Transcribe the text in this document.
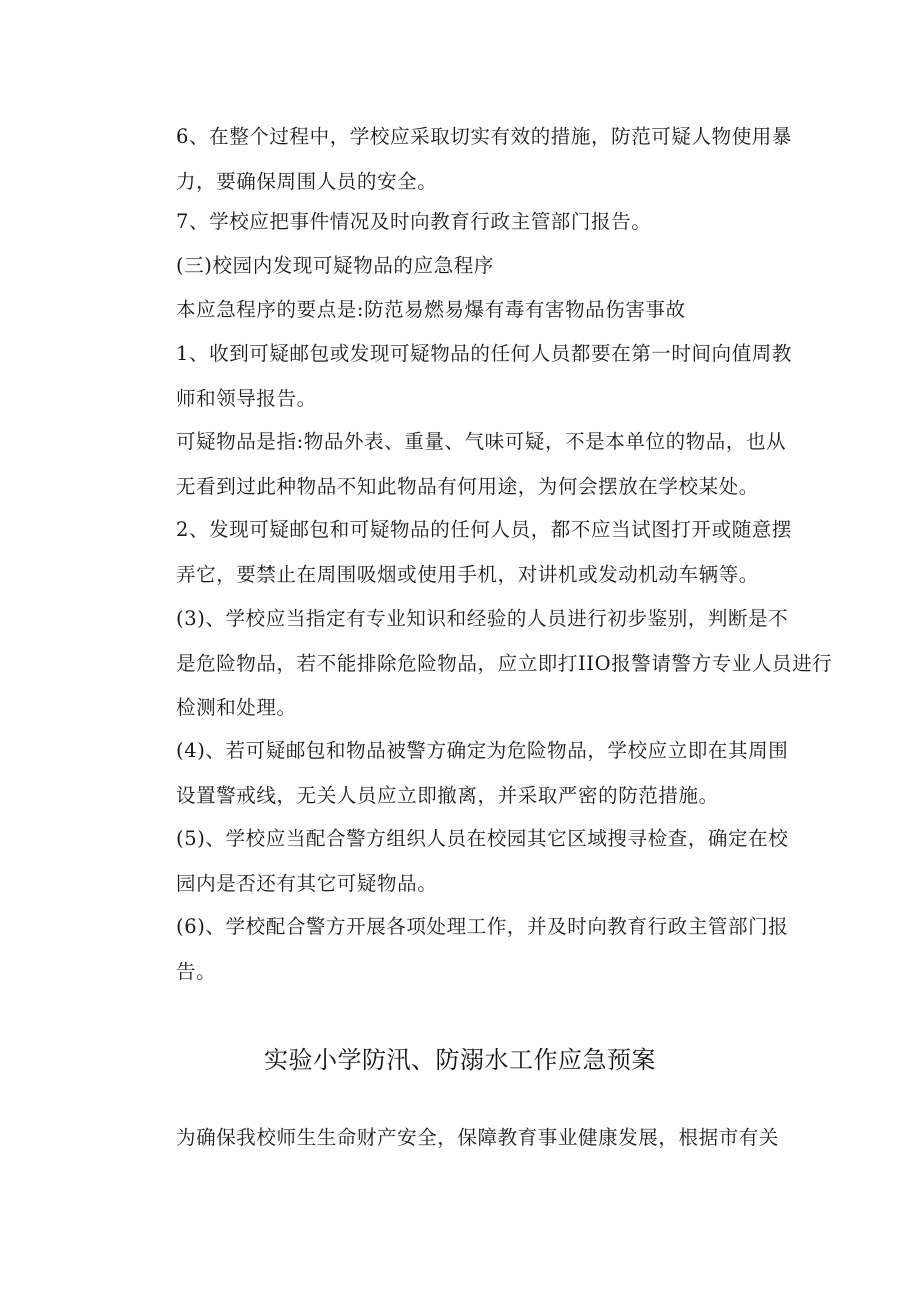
6、在整个过程中，学校应采取切实有效的措施，防范可疑人物使用暴
力，要确保周围人员的安全。

7、学校应把事件情况及时向教育行政主管部门报告。

(三)校园内发现可疑物品的应急程序

本应急程序的要点是:防范易燃易爆有毒有害物品伤害事故

1、收到可疑邮包或发现可疑物品的任何人员都要在第一时间向值周教
师和领导报告。

可疑物品是指:物品外表、重量、气味可疑，不是本单位的物品，也从
无看到过此种物品不知此物品有何用途，为何会摆放在学校某处。

2、发现可疑邮包和可疑物品的任何人员，都不应当试图打开或随意摆
弄它，要禁止在周围吸烟或使用手机，对讲机或发动机动车辆等。

(3)、学校应当指定有专业知识和经验的人员进行初步鉴别，判断是不
是危险物品，若不能排除危险物品，应立即打IIO报警请警方专业人员进行
检测和处理。

(4)、若可疑邮包和物品被警方确定为危险物品，学校应立即在其周围
设置警戒线，无关人员应立即撤离，并采取严密的防范措施。

(5)、学校应当配合警方组织人员在校园其它区域搜寻检查，确定在校
园内是否还有其它可疑物品。

(6)、学校配合警方开展各项处理工作，并及时向教育行政主管部门报
告。

实验小学防汛、防溺水工作应急预案

为确保我校师生生命财产安全，保障教育事业健康发展，根据市有关
